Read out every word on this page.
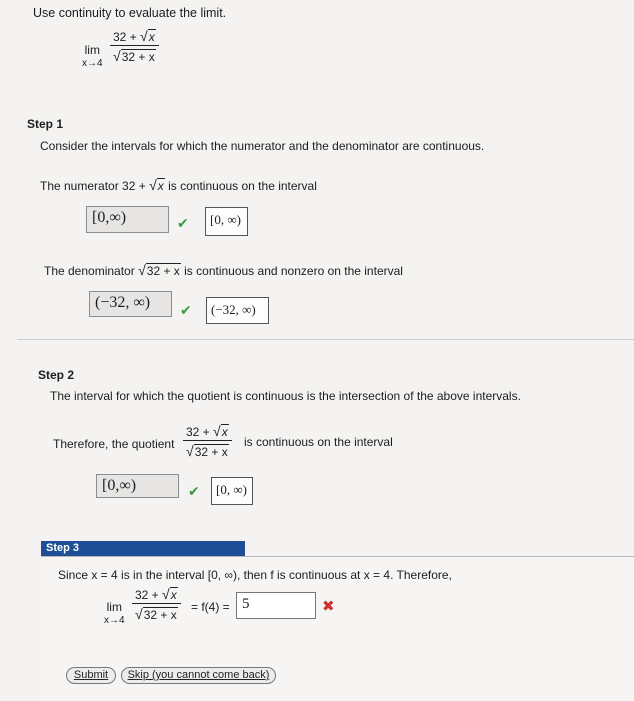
Use continuity to evaluate the limit.
lim
$x\to 4 \frac{32 + √x}{√32 + x}$
Step 1
Consider the intervals for which the numerator and the denominator are continuous.
The numerator 32 + √x is continuous on the interval
[0,∞)	✔	[0, ∞)
The denominator √32 + x is continuous and nonzero on the interval
(−32, ∞)	✔	(−32, ∞)
Step 2
The interval for which the quotient is continuous is the intersection of the above intervals.
Therefore, the quotient $\frac{32 + √x}{√32 + x}$ is continuous on the interval
[0,∞)	✔	[0, ∞)
Step 3
Since x = 4 is in the interval [0, ∞), then f is continuous at x = 4. Therefore,
lim
$x\to 4 \frac{32 + √x}{√32 + x} = f(4) = 5$	✖
Submit	Skip (you cannot come back)
